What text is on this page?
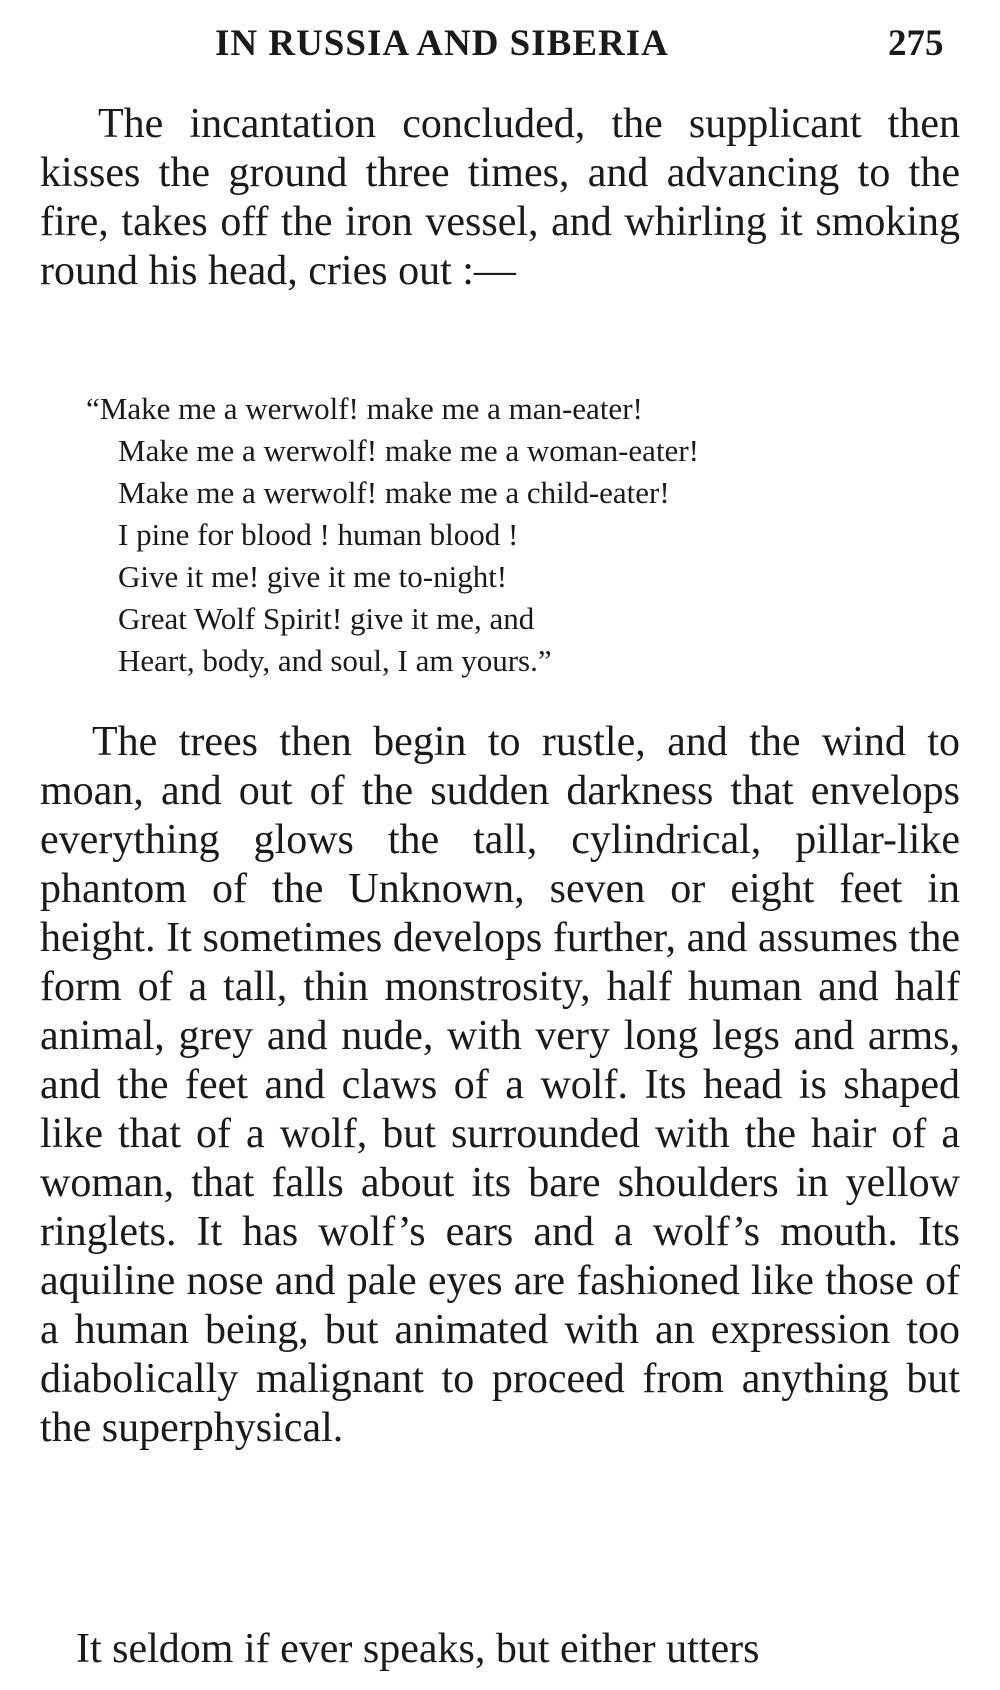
IN RUSSIA AND SIBERIA	275

The incantation concluded, the supplicant then kisses the ground three times, and advancing to the fire, takes off the iron vessel, and whirling it smoking round his head, cries out :—

“Make me a werwolf! make me a man-eater!
Make me a werwolf! make me a woman-eater!
Make me a werwolf! make me a child-eater!
I pine for blood ! human blood !
Give it me! give it me to-night!
Great Wolf Spirit! give it me, and
Heart, body, and soul, I am yours.”

The trees then begin to rustle, and the wind to moan, and out of the sudden darkness that envelops everything glows the tall, cylindrical, pillar-like phantom of the Unknown, seven or eight feet in height. It sometimes develops further, and assumes the form of a tall, thin monstrosity, half human and half animal, grey and nude, with very long legs and arms, and the feet and claws of a wolf. Its head is shaped like that of a wolf, but surrounded with the hair of a woman, that falls about its bare shoulders in yellow ringlets. It has wolf’s ears and a wolf’s mouth. Its aquiline nose and pale eyes are fashioned like those of a human being, but animated with an expression too diabolically malignant to proceed from anything but the superphysical.

It seldom if ever speaks, but either utters
